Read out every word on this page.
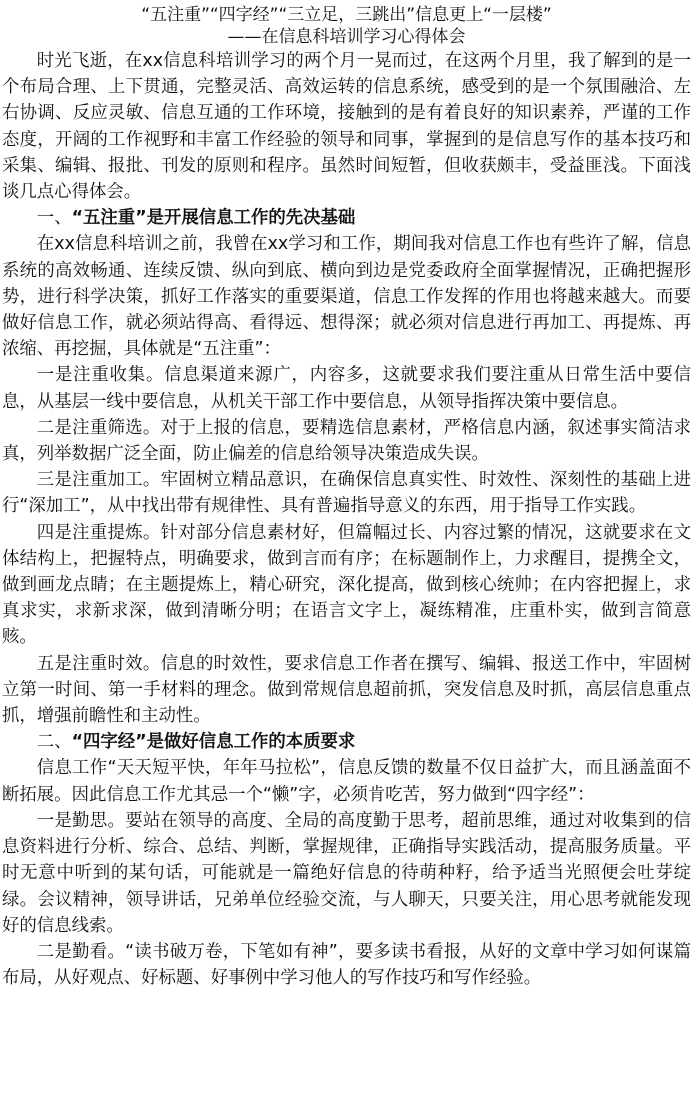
“五注重”“四字经”“三立足，三跳出”信息更上“一层楼”
——在信息科培训学习心得体会

时光飞逝，在xx信息科培训学习的两个月一晃而过，在这两个月里，我了解到的是一个布局合理、上下贯通，完整灵活、高效运转的信息系统，感受到的是一个氛围融洽、左右协调、反应灵敏、信息互通的工作环境，接触到的是有着良好的知识素养，严谨的工作态度，开阔的工作视野和丰富工作经验的领导和同事，掌握到的是信息写作的基本技巧和采集、编辑、报批、刊发的原则和程序。虽然时间短暂，但收获颇丰，受益匪浅。下面浅谈几点心得体会。

一、“五注重”是开展信息工作的先决基础

在xx信息科培训之前，我曾在xx学习和工作，期间我对信息工作也有些许了解，信息系统的高效畅通、连续反馈、纵向到底、横向到边是党委政府全面掌握情况，正确把握形势，进行科学决策，抓好工作落实的重要渠道，信息工作发挥的作用也将越来越大。而要做好信息工作，就必须站得高、看得远、想得深；就必须对信息进行再加工、再提炼、再浓缩、再挖掘，具体就是“五注重”：

一是注重收集。信息渠道来源广，内容多，这就要求我们要注重从日常生活中要信息，从基层一线中要信息，从机关干部工作中要信息，从领导指挥决策中要信息。

二是注重筛选。对于上报的信息，要精选信息素材，严格信息内涵，叙述事实简洁求真，列举数据广泛全面，防止偏差的信息给领导决策造成失误。

三是注重加工。牢固树立精品意识，在确保信息真实性、时效性、深刻性的基础上进行“深加工”，从中找出带有规律性、具有普遍指导意义的东西，用于指导工作实践。

四是注重提炼。针对部分信息素材好，但篇幅过长、内容过繁的情况，这就要求在文体结构上，把握特点，明确要求，做到言而有序；在标题制作上，力求醒目，提携全文，做到画龙点睛；在主题提炼上，精心研究，深化提高，做到核心统帅；在内容把握上，求真求实，求新求深，做到清晰分明；在语言文字上，凝练精准，庄重朴实，做到言简意赅。

五是注重时效。信息的时效性，要求信息工作者在撰写、编辑、报送工作中，牢固树立第一时间、第一手材料的理念。做到常规信息超前抓，突发信息及时抓，高层信息重点抓，增强前瞻性和主动性。

二、“四字经”是做好信息工作的本质要求

信息工作“天天短平快，年年马拉松”，信息反馈的数量不仅日益扩大，而且涵盖面不断拓展。因此信息工作尤其忌一个“懒”字，必须肯吃苦，努力做到“四字经”：

一是勤思。要站在领导的高度、全局的高度勤于思考，超前思维，通过对收集到的信息资料进行分析、综合、总结、判断，掌握规律，正确指导实践活动，提高服务质量。平时无意中听到的某句话，可能就是一篇绝好信息的待萌种籽，给予适当光照便会吐芽绽绿。会议精神，领导讲话，兄弟单位经验交流，与人聊天，只要关注，用心思考就能发现好的信息线索。

二是勤看。“读书破万卷，下笔如有神”，要多读书看报，从好的文章中学习如何谋篇布局，从好观点、好标题、好事例中学习他人的写作技巧和写作经验。
